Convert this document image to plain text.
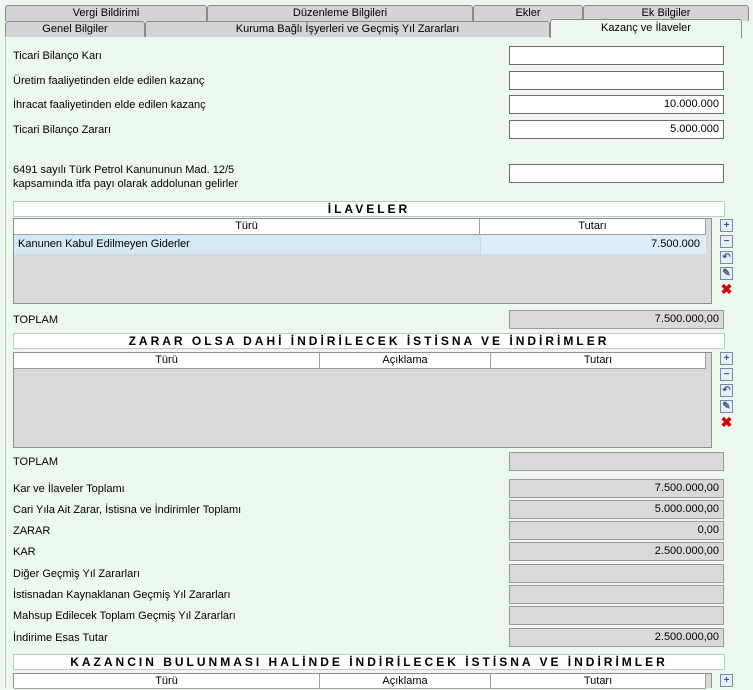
Düzenleme Bilgileri	Ekler	Ek Bilgiler
Vergi Bildirimi
Genel Bilgiler	Kuruma Bağlı İşyerleri ve Geçmiş Yıl Zararları	Kazanç ve İlaveler
Ticari Bilanço Karı
Üretim faaliyetinden elde edilen kazanç
İhracat faaliyetinden elde edilen kazanç	10.000.000
Ticari Bilanço Zararı	5.000.000
6491 sayılı Türk Petrol Kanununun Mad. 12/5
kapsamında itfa payı olarak addolunan gelirler
İLAVELER
Türü	Tutarı
Kanunen Kabul Edilmeyen Giderler	7.500.000
+
−
↶
✎
✖
TOPLAM	7.500.000,00
ZARAR OLSA DAHİ İNDİRİLECEK İSTİSNA VE İNDİRİMLER
Türü	Açıklama	Tutarı	+
−
↶
✎
✖
TOPLAM
Kar ve İlaveler Toplamı	7.500.000,00
Cari Yıla Ait Zarar, İstisna ve İndirimler Toplamı	5.000.000,00
ZARAR	0,00
KAR	2.500.000,00
Diğer Geçmiş Yıl Zararları
İstisnadan Kaynaklanan Geçmiş Yıl Zararları
Mahsup Edilecek Toplam Geçmiş Yıl Zararları
İndirime Esas Tutar	2.500.000,00
KAZANCIN BULUNMASI HALİNDE İNDİRİLECEK İSTİSNA VE İNDİRİMLER
Türü	Açıklama	Tutarı	+
